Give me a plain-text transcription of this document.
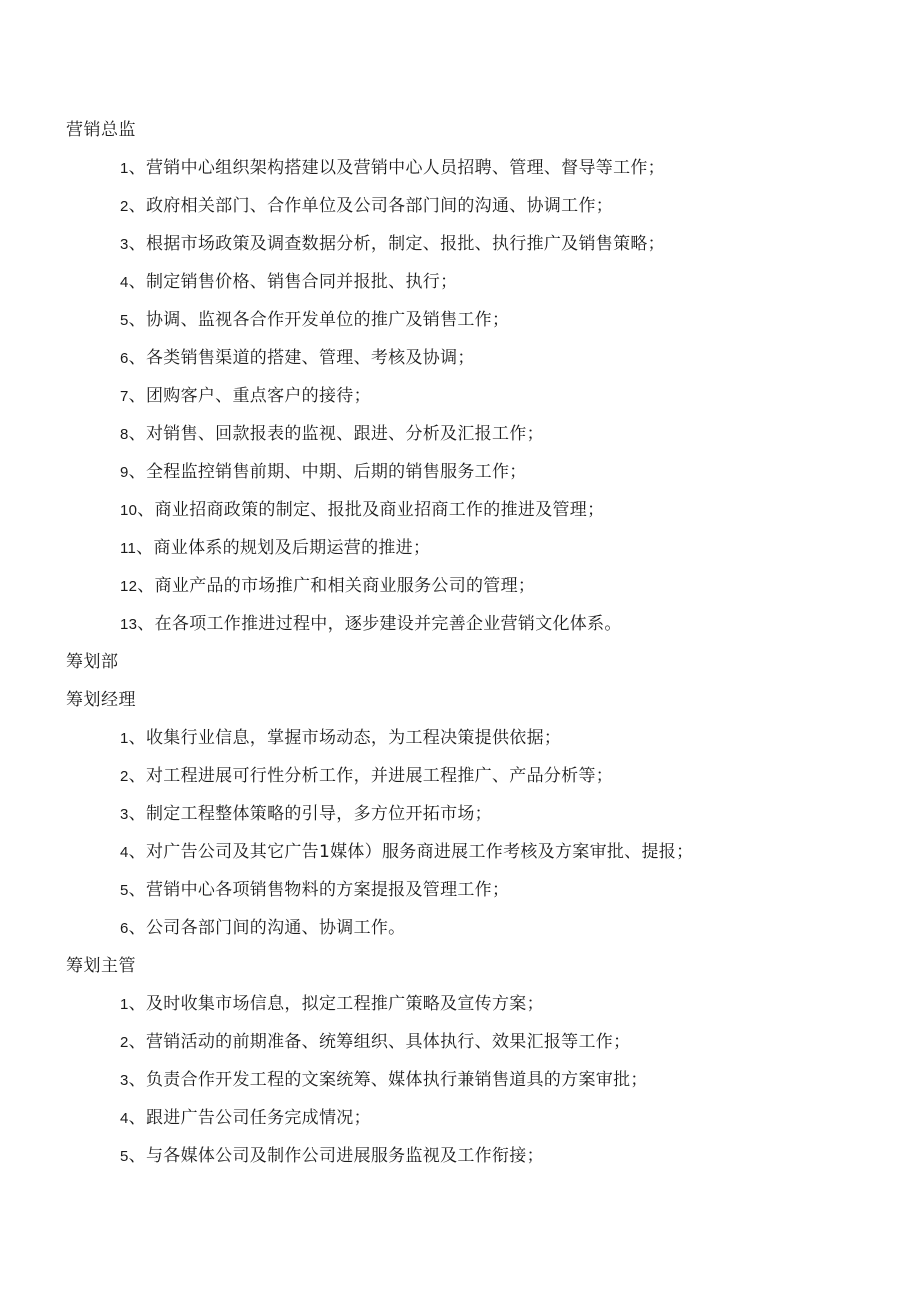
营销总监
1、营销中心组织架构搭建以及营销中心人员招聘、管理、督导等工作；
2、政府相关部门、合作单位及公司各部门间的沟通、协调工作；
3、根据市场政策及调查数据分析，制定、报批、执行推广及销售策略；
4、制定销售价格、销售合同并报批、执行；
5、协调、监视各合作开发单位的推广及销售工作；
6、各类销售渠道的搭建、管理、考核及协调；
7、团购客户、重点客户的接待；
8、对销售、回款报表的监视、跟进、分析及汇报工作；
9、全程监控销售前期、中期、后期的销售服务工作；
10、商业招商政策的制定、报批及商业招商工作的推进及管理；
11、商业体系的规划及后期运营的推进；
12、商业产品的市场推广和相关商业服务公司的管理；
13、在各项工作推进过程中，逐步建设并完善企业营销文化体系。
筹划部
筹划经理
1、收集行业信息，掌握市场动态，为工程决策提供依据；
2、对工程进展可行性分析工作，并进展工程推广、产品分析等；
3、制定工程整体策略的引导，多方位开拓市场；
4、对广告公司及其它广告1媒体）服务商进展工作考核及方案审批、提报；
5、营销中心各项销售物料的方案提报及管理工作；
6、公司各部门间的沟通、协调工作。
筹划主管
1、及时收集市场信息，拟定工程推广策略及宣传方案；
2、营销活动的前期准备、统筹组织、具体执行、效果汇报等工作；
3、负责合作开发工程的文案统筹、媒体执行兼销售道具的方案审批；
4、跟进广告公司任务完成情况；
5、与各媒体公司及制作公司进展服务监视及工作衔接；
